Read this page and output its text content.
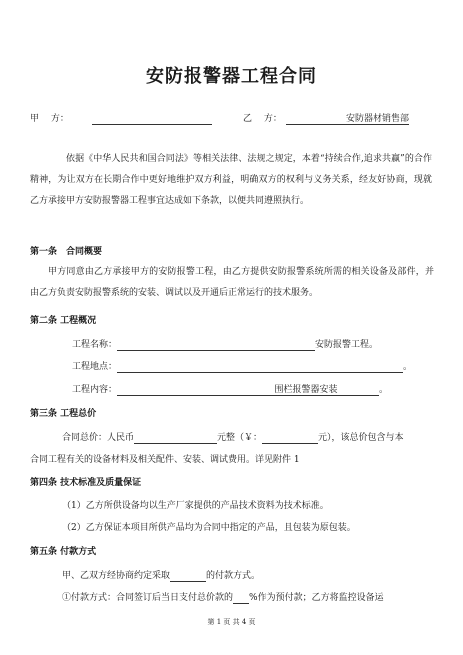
安防报警器工程合同
甲　 方：	乙　 方：	安防器材销售部
依据《中华人民共和国合同法》等相关法律、法规之规定，本着“持续合作,追求共赢”的合作精神，为让双方在长期合作中更好地维护双方利益，明确双方的权利与义务关系，经友好协商，现就乙方承接甲方安防报警器工程事宜达成如下条款，以便共同遵照执行。
第一条　合同概要
甲方同意由乙方承接甲方的安防报警工程，由乙方提供安防报警系统所需的相关设备及部件，并由乙方负责安防报警系统的安装、调试以及开通后正常运行的技术服务。
第二条 工程概况
工程名称：	安防报警工程。
工程地点：	。
工程内容：	围栏报警器安装	。
第三条 工程总价
合同总价：人民币	元整（￥：	元），该总价包含与本
合同工程有关的设备材料及相关配件、安装、调试费用。详见附件 1
第四条 技术标准及质量保证
（1）乙方所供设备均以生产厂家提供的产品技术资料为技术标准。
（2）乙方保证本项目所供产品均为合同中指定的产品，且包装为原包装。
第五条 付款方式
甲、乙双方经协商约定采取	的付款方式。
①付款方式：合同签订后当日支付总价款的 %作为预付款；乙方将监控设备运
第 1 页 共 4 页
